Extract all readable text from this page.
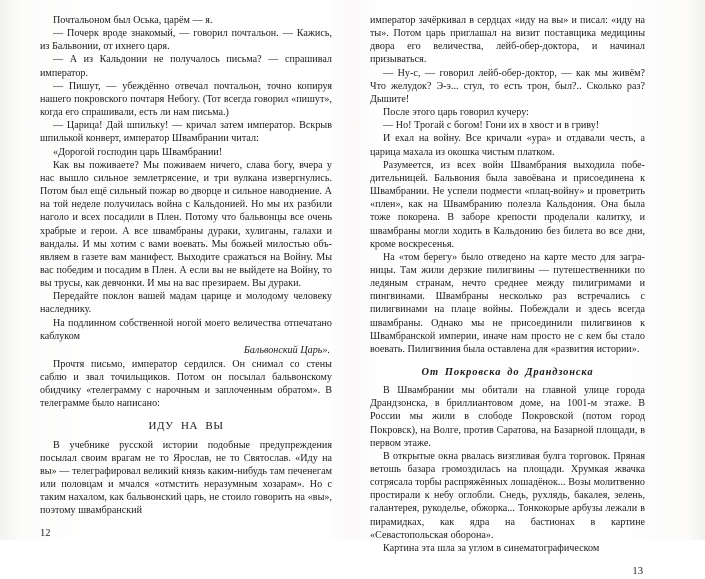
Почтальоном был Оська, царём — я.

— Почерк вроде знакомый, — говорил почтальон. — Кажись, из Бальвонии, от ихнего царя.

— А из Кальдонии не получалось письма? — спрашивал император.

— Пишут, — убеждённо отвечал почтальон, точно копируя нашего покровского почтаря Небогу. (Тот всегда говорил «пишут», когда его спрашивали, есть ли нам письма.)

— Царица! Дай шпильку! — кричал затем император. Вскрыв шпилькой конверт, император Швамбрании читал:

«Дорогой господин царь Швамбрании!

Как вы поживаете? Мы поживаем ничего, слава богу, вчера у нас вышло сильное землетрясение, и три вулкана извергнулись. Потом был ещё сильный пожар во дворце и сильное наводнение. А на той неделе получилась война с Кальдонией. Но мы их разбили наголо и всех посадили в Плен. Потому что бальвонцы все очень храбрые и герои. А все швамбраны дураки, хулиганы, галахи и вандалы. И мы хотим с вами воевать. Мы божьей милостью объявляем в газете вам манифест. Выходите сражаться на Войну. Мы вас победим и посадим в Плен. А если вы не выйдете на Войну, то вы трусы, как девчонки. И мы на вас презираем. Вы дураки.

Передайте поклон вашей мадам царице и молодому человеку наследнику.

На подлинном собственной ногой моего величества отпечатано каблуком

Бальвонский Царь».

Прочтя письмо, император сердился. Он снимал со стены саблю и звал точильщиков. Потом он посылал бальвонскому обидчику «телеграмму с нарочным и заплоченным обратом». В телеграмме было написано:

ИДУ НА ВЫ

В учебнике русской истории подобные предупреждения посылал своим врагам не то Ярослав, не то Святослав. «Иду на вы» — телеграфировал великий князь каким-нибудь там печенегам или половцам и мчался «отмстить неразумным хозарам». Но с таким нахалом, как бальвонский царь, не стоило говорить на «вы», поэтому швамбранский

12

император зачёркивал в сердцах «иду на вы» и писал: «иду на ты». Потом царь приглашал на визит поставщика медицины двора его величества, лейб-обер-доктора, и начинал призываться.

— Ну-с, — говорил лейб-обер-доктор, — как мы живём? Что желудок? Э-э... стул, то есть трон, был?.. Сколько раз? Дышите!

После этого царь говорил кучеру:

— Но! Трогай с богом! Гони их в хвост и в гриву!

И ехал на войну. Все кричали «ура» и отдавали честь, а царица махала из окошка чистым платком.

Разумеется, из всех войн Швамбрания выходила победительницей. Бальвония была завоёвана и присоединена к Швамбрании. Не успели подмести «плац-войну» и проветрить «плен», как на Швамбранию полезла Кальдония. Она была тоже покорена. В заборе крепости проделали калитку, и швамбраны могли ходить в Кальдонию без билета во все дни, кроме воскресенья.

На «том берегу» было отведено на карте место для заграницы. Там жили дерзкие пилигвины — путешественники по ледяным странам, нечто среднее между пилигримами и пингвинами. Швамбраны несколько раз встречались с пилигвинами на плаце войны. Побеждали и здесь всегда швамбраны. Однако мы не присоединили пилигвинов к Швамбранской империи, иначе нам просто не с кем бы стало воевать. Пилигвиния была оставлена для «развития истории».

От Покровска до Драндзонска

В Швамбрании мы обитали на главной улице города Драндзонска, в бриллиантовом доме, на 1001-м этаже. В России мы жили в слободе Покровской (потом город Покровск), на Волге, против Саратова, на Базарной площади, в первом этаже.

В открытые окна рвалась визгливая булга торговок. Пряная ветошь базара громоздилась на площади. Хрумкая жвачка сотрясала торбы распряжённых лошадёнок... Возы молитвенно простирали к небу оглобли. Снедь, рухлядь, бакалея, зелень, галантерея, рукоделье, обжорка... Тонкокорые арбузы лежали в пирамидках, как ядра на бастионах в картине «Севастопольская оборона».

Картина эта шла за углом в синематографическом

13
